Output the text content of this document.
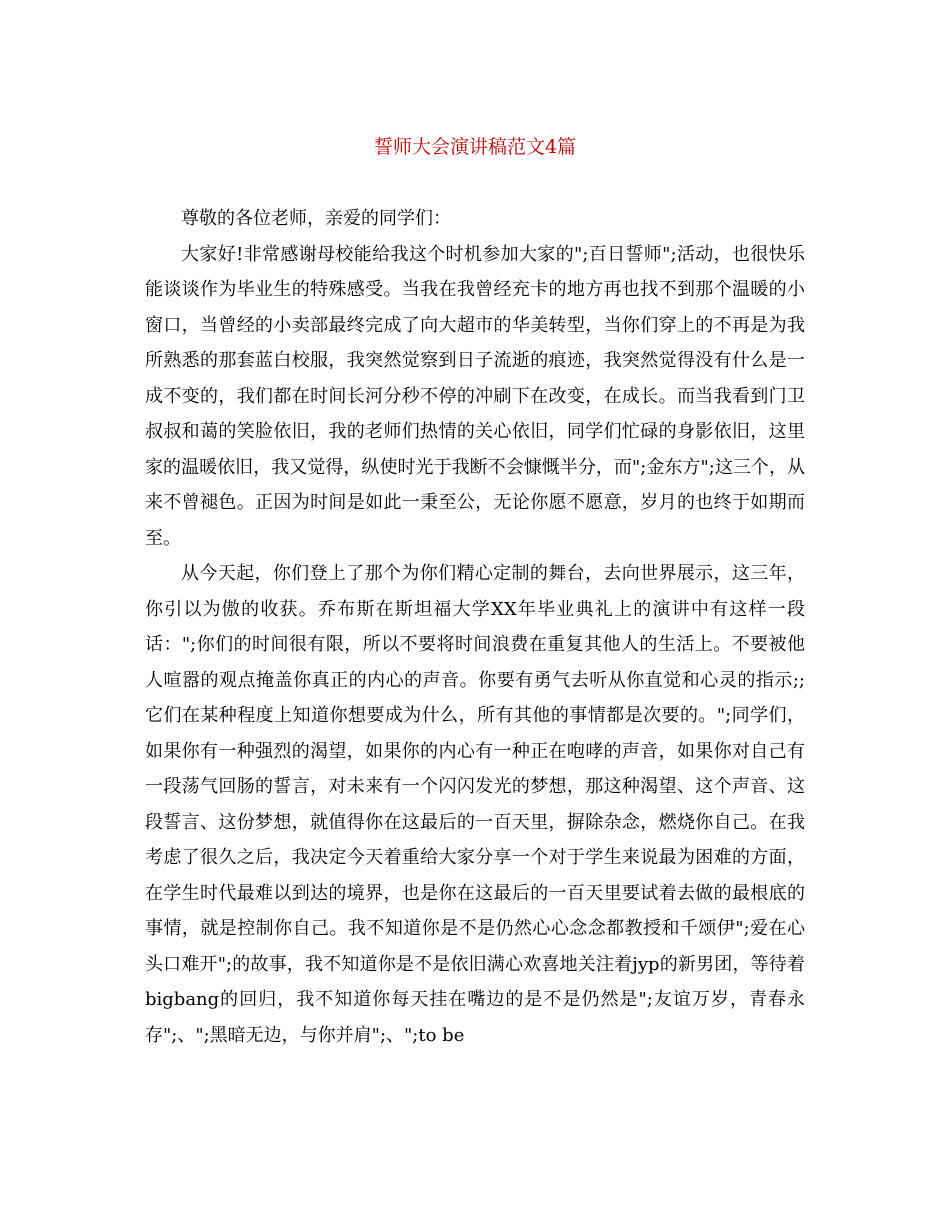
誓师大会演讲稿范文4篇

尊敬的各位老师，亲爱的同学们：

大家好!非常感谢母校能给我这个时机参加大家的";百日誓师";活动，也很快乐能谈谈作为毕业生的特殊感受。当我在我曾经充卡的地方再也找不到那个温暖的小窗口，当曾经的小卖部最终完成了向大超市的华美转型，当你们穿上的不再是为我所熟悉的那套蓝白校服，我突然觉察到日子流逝的痕迹，我突然觉得没有什么是一成不变的，我们都在时间长河分秒不停的冲刷下在改变，在成长。而当我看到门卫叔叔和蔼的笑脸依旧，我的老师们热情的关心依旧，同学们忙碌的身影依旧，这里家的温暖依旧，我又觉得，纵使时光于我断不会慷慨半分，而";金东方";这三个，从来不曾褪色。正因为时间是如此一秉至公，无论你愿不愿意，岁月的也终于如期而至。

从今天起，你们登上了那个为你们精心定制的舞台，去向世界展示，这三年，你引以为傲的收获。乔布斯在斯坦福大学XX年毕业典礼上的演讲中有这样一段话：";你们的时间很有限，所以不要将时间浪费在重复其他人的生活上。不要被他人喧嚣的观点掩盖你真正的内心的声音。你要有勇气去听从你直觉和心灵的指示;;它们在某种程度上知道你想要成为什么，所有其他的事情都是次要的。";同学们，如果你有一种强烈的渴望，如果你的内心有一种正在咆哮的声音，如果你对自己有一段荡气回肠的誓言，对未来有一个闪闪发光的梦想，那这种渴望、这个声音、这段誓言、这份梦想，就值得你在这最后的一百天里，摒除杂念，燃烧你自己。在我考虑了很久之后，我决定今天着重给大家分享一个对于学生来说最为困难的方面，在学生时代最难以到达的境界，也是你在这最后的一百天里要试着去做的最根底的事情，就是控制你自己。我不知道你是不是仍然心心念念都教授和千颂伊";爱在心头口难开";的故事，我不知道你是不是依旧满心欢喜地关注着jyp的新男团，等待着bigbang的回归，我不知道你每天挂在嘴边的是不是仍然是";友谊万岁，青春永存";、";黑暗无边，与你并肩";、";to be
